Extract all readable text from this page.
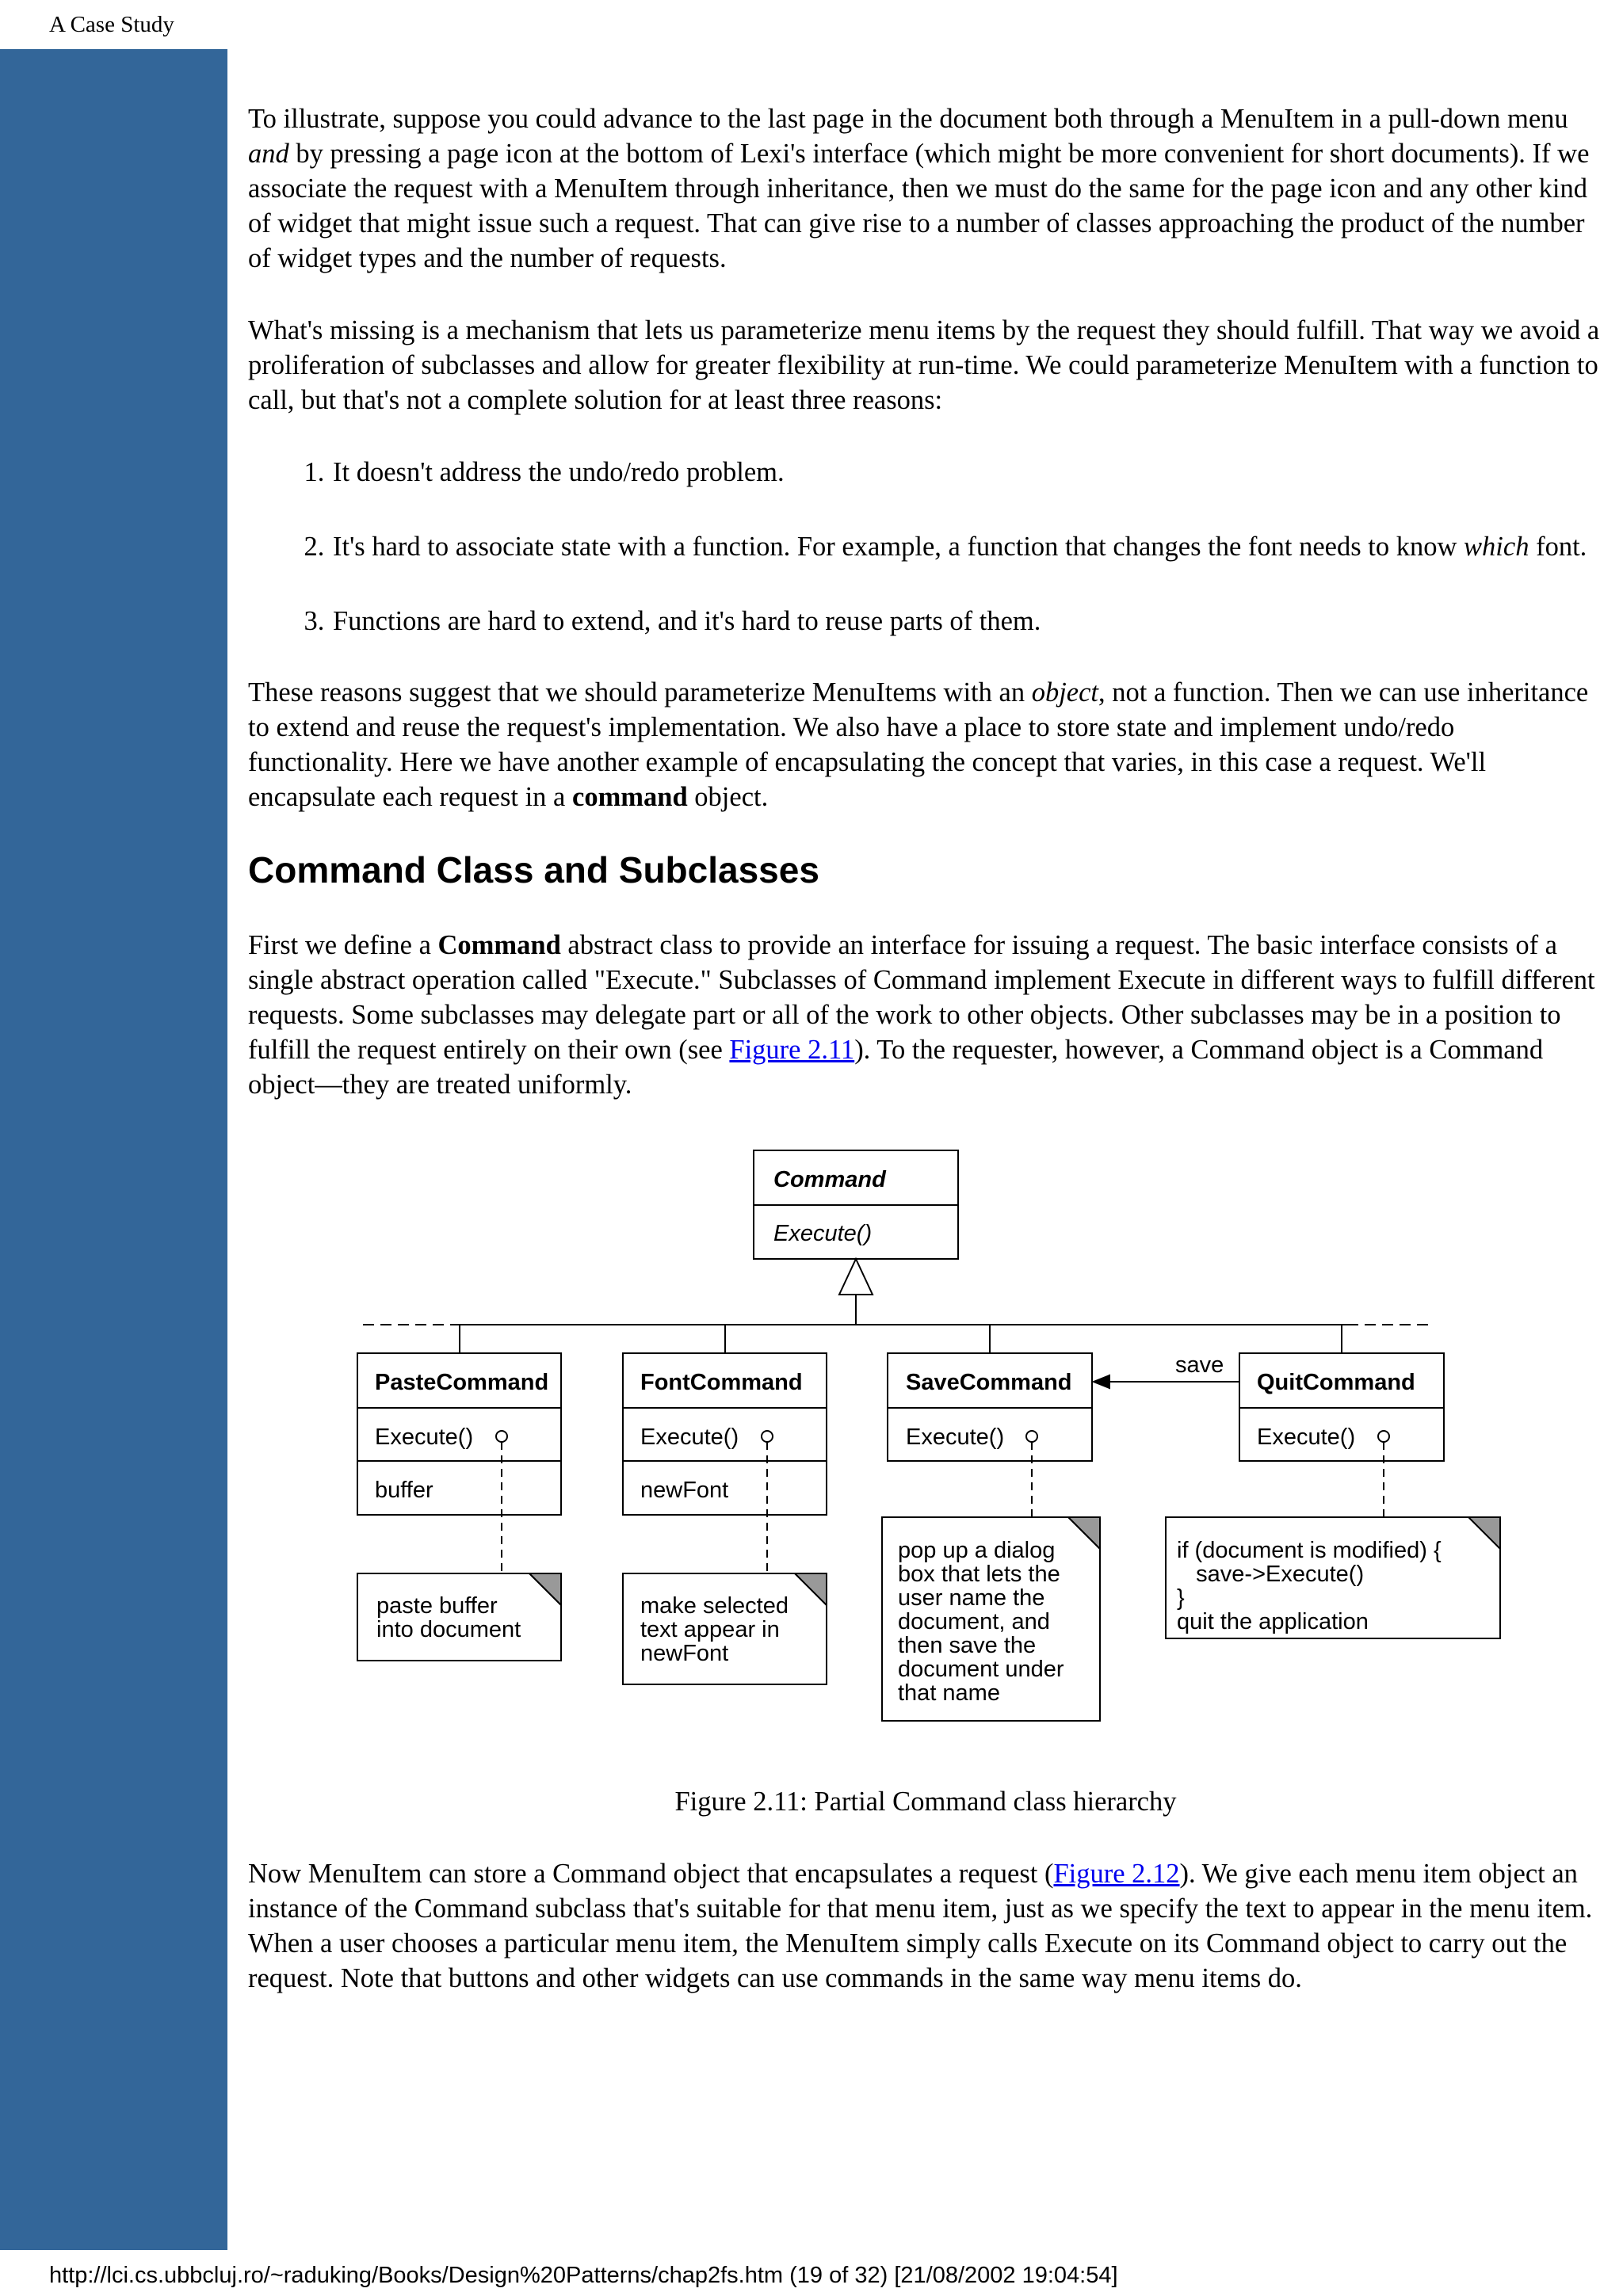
A Case Study

To illustrate, suppose you could advance to the last page in the document both through a MenuItem in a pull-down menu and by pressing a page icon at the bottom of Lexi's interface (which might be more convenient for short documents). If we associate the request with a MenuItem through inheritance, then we must do the same for the page icon and any other kind of widget that might issue such a request. That can give rise to a number of classes approaching the product of the number of widget types and the number of requests.

What's missing is a mechanism that lets us parameterize menu items by the request they should fulfill. That way we avoid a proliferation of subclasses and allow for greater flexibility at run-time. We could parameterize MenuItem with a function to call, but that's not a complete solution for at least three reasons:

1. It doesn't address the undo/redo problem.
2. It's hard to associate state with a function. For example, a function that changes the font needs to know which font.
3. Functions are hard to extend, and it's hard to reuse parts of them.

These reasons suggest that we should parameterize MenuItems with an object, not a function. Then we can use inheritance to extend and reuse the request's implementation. We also have a place to store state and implement undo/redo functionality. Here we have another example of encapsulating the concept that varies, in this case a request. We'll encapsulate each request in a command object.

Command Class and Subclasses

First we define a Command abstract class to provide an interface for issuing a request. The basic interface consists of a single abstract operation called "Execute." Subclasses of Command implement Execute in different ways to fulfill different requests. Some subclasses may delegate part or all of the work to other objects. Other subclasses may be in a position to fulfill the request entirely on their own (see Figure 2.11). To the requester, however, a Command object is a Command object—they are treated uniformly.

Command
Execute()
PasteCommand
Execute()
buffer
FontCommand
Execute()
newFont
SaveCommand
Execute()
QuitCommand
Execute()
save
paste buffer
into document
make selected
text appear in
newFont
pop up a dialog
box that lets the
user name the
document, and
then save the
document under
that name
if (document is modified) {
save->Execute()
}
quit the application

Figure 2.11: Partial Command class hierarchy

Now MenuItem can store a Command object that encapsulates a request (Figure 2.12). We give each menu item object an instance of the Command subclass that's suitable for that menu item, just as we specify the text to appear in the menu item. When a user chooses a particular menu item, the MenuItem simply calls Execute on its Command object to carry out the request. Note that buttons and other widgets can use commands in the same way menu items do.

http://lci.cs.ubbcluj.ro/~raduking/Books/Design%20Patterns/chap2fs.htm (19 of 32) [21/08/2002 19:04:54]
